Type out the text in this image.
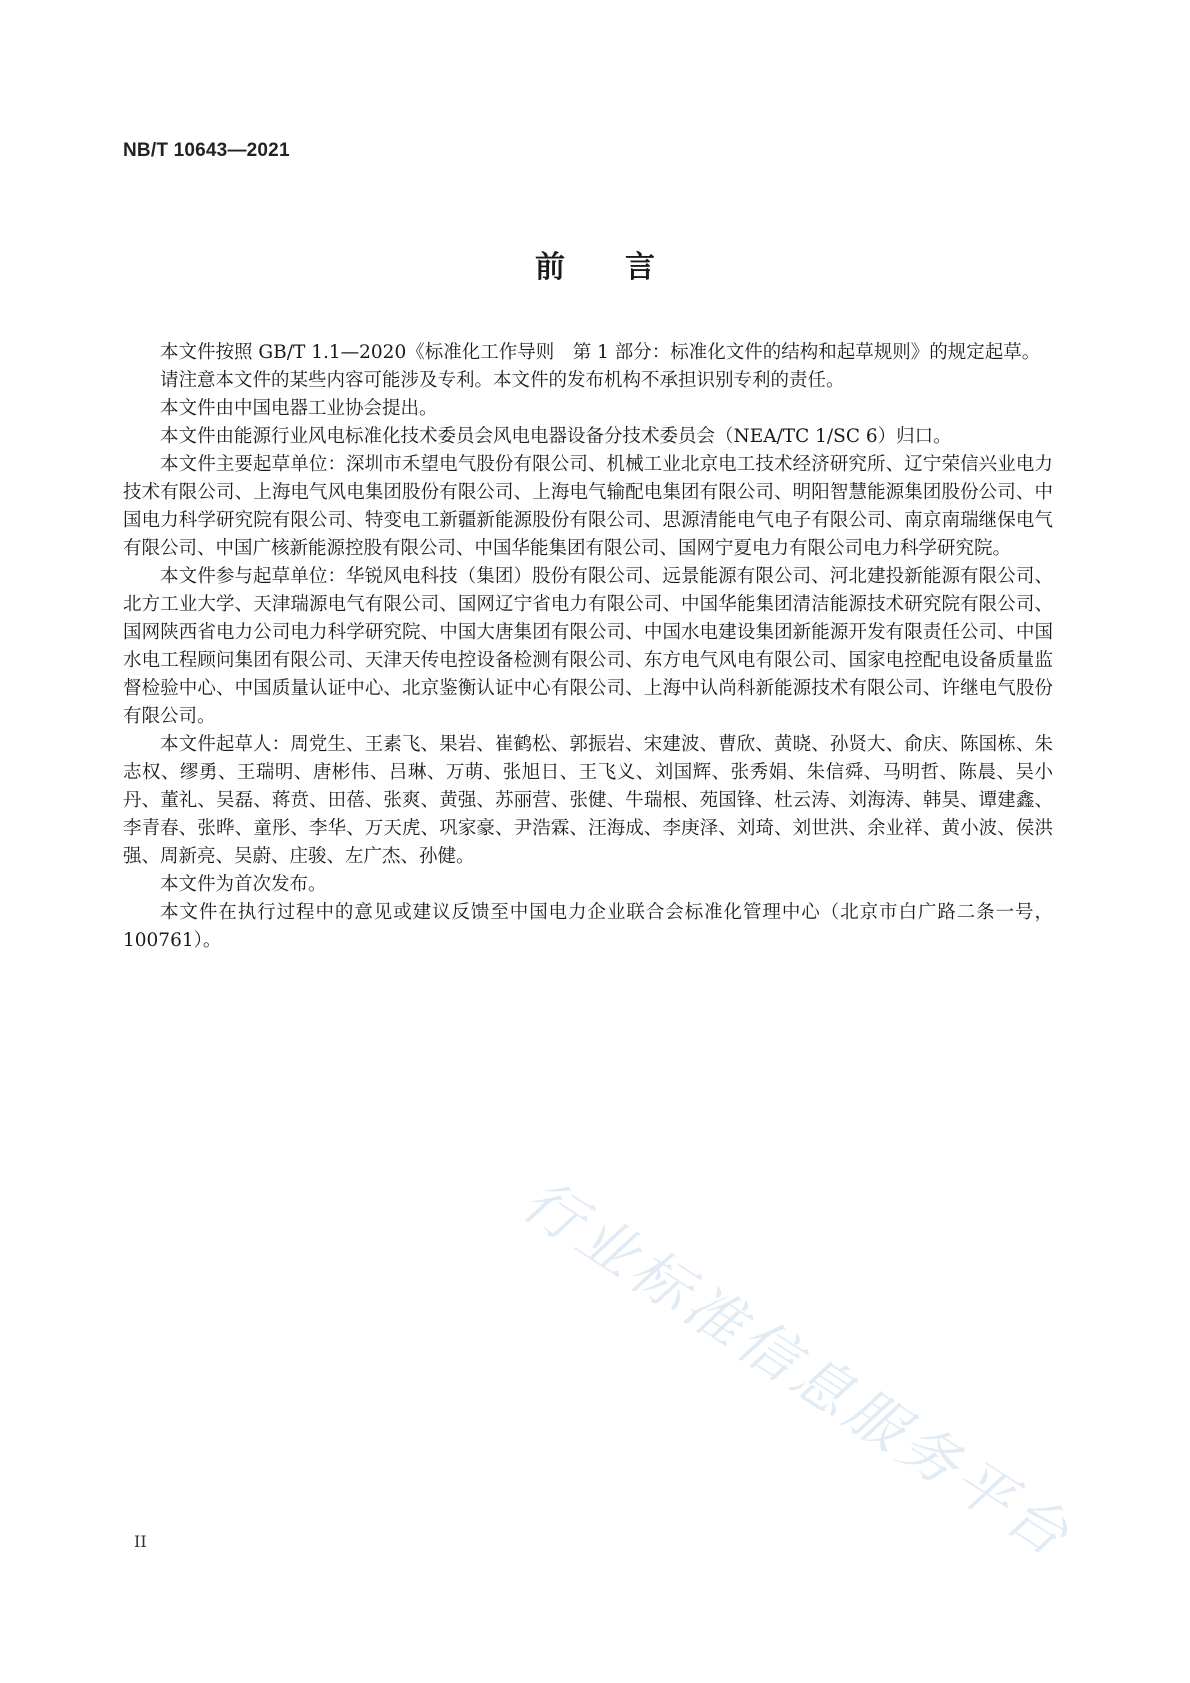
NB/T 10643—2021
前言

本文件按照 GB/T 1.1—2020《标准化工作导则　第 1 部分：标准化文件的结构和起草规则》的规定起草。

请注意本文件的某些内容可能涉及专利。本文件的发布机构不承担识别专利的责任。

本文件由中国电器工业协会提出。

本文件由能源行业风电标准化技术委员会风电电器设备分技术委员会（NEA/TC 1/SC 6）归口。

本文件主要起草单位：深圳市禾望电气股份有限公司、机械工业北京电工技术经济研究所、辽宁荣信兴业电力技术有限公司、上海电气风电集团股份有限公司、上海电气输配电集团有限公司、明阳智慧能源集团股份公司、中国电力科学研究院有限公司、特变电工新疆新能源股份有限公司、思源清能电气电子有限公司、南京南瑞继保电气有限公司、中国广核新能源控股有限公司、中国华能集团有限公司、国网宁夏电力有限公司电力科学研究院。

本文件参与起草单位：华锐风电科技（集团）股份有限公司、远景能源有限公司、河北建投新能源有限公司、北方工业大学、天津瑞源电气有限公司、国网辽宁省电力有限公司、中国华能集团清洁能源技术研究院有限公司、国网陕西省电力公司电力科学研究院、中国大唐集团有限公司、中国水电建设集团新能源开发有限责任公司、中国水电工程顾问集团有限公司、天津天传电控设备检测有限公司、东方电气风电有限公司、国家电控配电设备质量监督检验中心、中国质量认证中心、北京鉴衡认证中心有限公司、上海中认尚科新能源技术有限公司、许继电气股份有限公司。

本文件起草人：周党生、王素飞、果岩、崔鹤松、郭振岩、宋建波、曹欣、黄晓、孙贤大、俞庆、陈国栋、朱志权、缪勇、王瑞明、唐彬伟、吕琳、万萌、张旭日、王飞义、刘国辉、张秀娟、朱信舜、马明哲、陈晨、吴小丹、董礼、吴磊、蒋贲、田蓓、张爽、黄强、苏丽营、张健、牛瑞根、苑国锋、杜云涛、刘海涛、韩昊、谭建鑫、李青春、张晔、童彤、李华、万天虎、巩家豪、尹浩霖、汪海成、李庚泽、刘琦、刘世洪、余业祥、黄小波、侯洪强、周新亮、吴蔚、庄骏、左广杰、孙健。

本文件为首次发布。

本文件在执行过程中的意见或建议反馈至中国电力企业联合会标准化管理中心（北京市白广路二条一号，100761）。

行业标准信息服务平台
II
